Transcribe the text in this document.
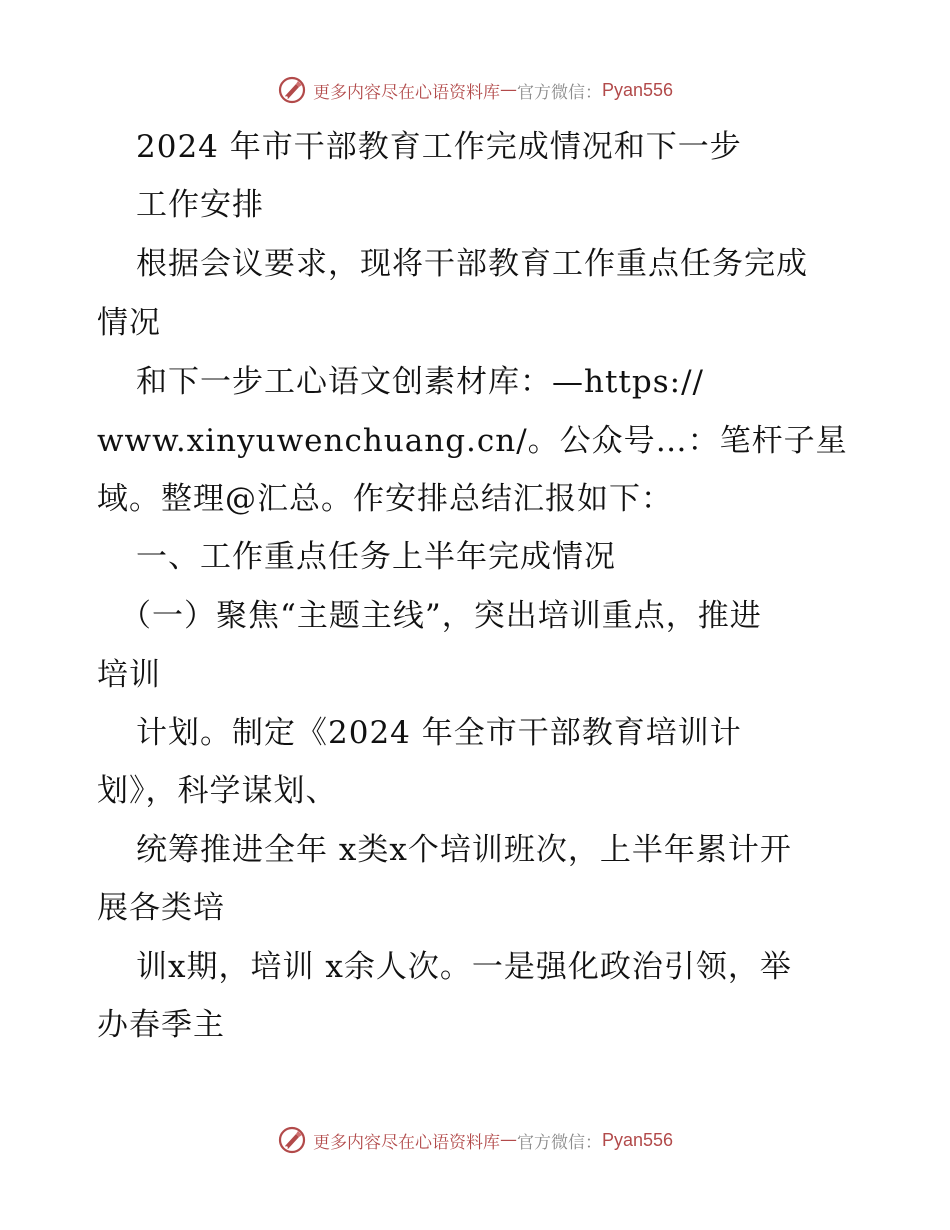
更多内容尽在心语资料库 — 官方微信： Pyan556
2024 年市干部教育工作完成情况和下一步
工作安排
根据会议要求，现将干部教育工作重点任务完成
情况
和下一步工心语文创素材库：—https://
www.xinyuwenchuang.cn/。公众号…：笔杆子星
域。整理@汇总。作安排总结汇报如下：
一、工作重点任务上半年完成情况
（一）聚焦“主题主线”，突出培训重点，推进
培训
计划。制定《2024 年全市干部教育培训计
划》，科学谋划、
统筹推进全年 x类x个培训班次，上半年累计开
展各类培
训x期，培训 x余人次。一是强化政治引领，举
办春季主
更多内容尽在心语资料库 — 官方微信： Pyan556
